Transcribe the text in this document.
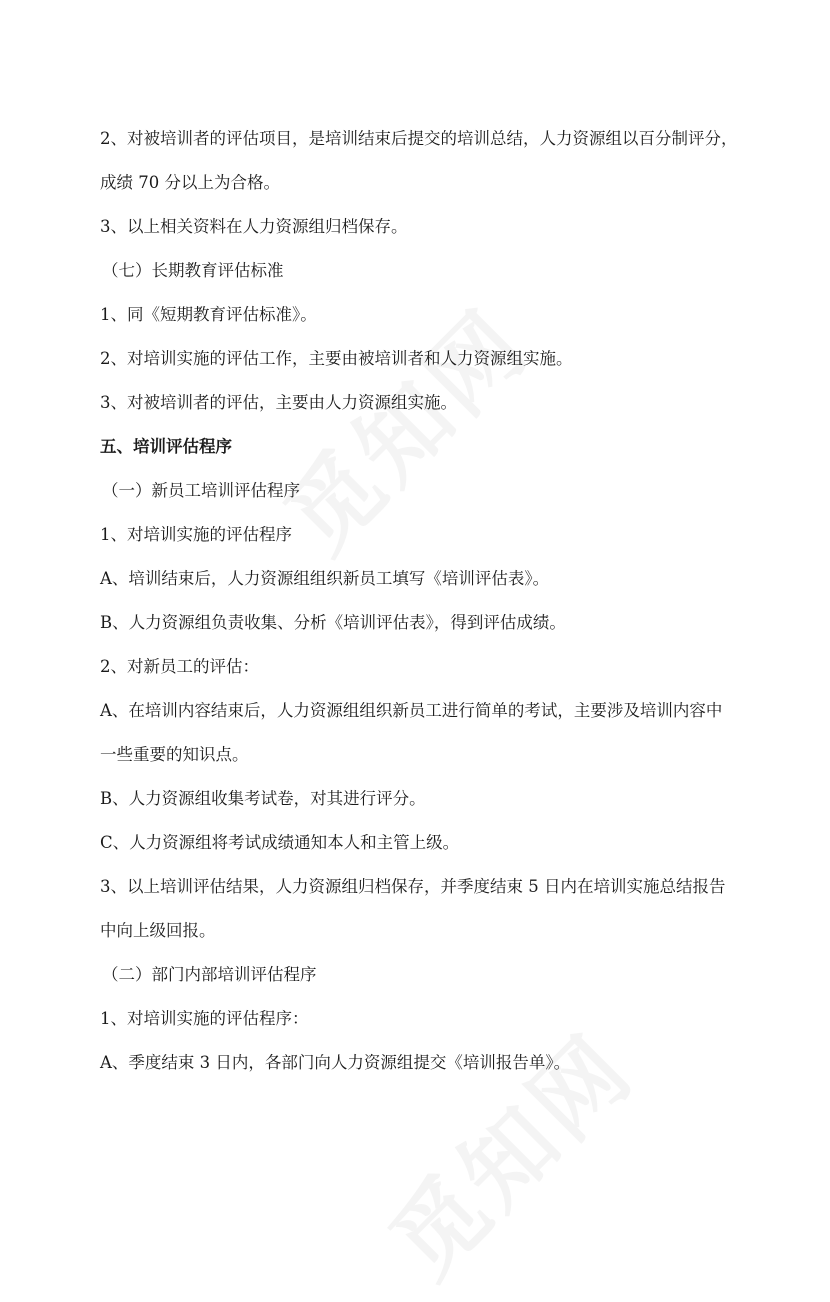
2、对被培训者的评估项目，是培训结束后提交的培训总结，人力资源组以百分制评分，
成绩 70 分以上为合格。
3、以上相关资料在人力资源组归档保存。
（七）长期教育评估标准
1、同《短期教育评估标准》。
2、对培训实施的评估工作，主要由被培训者和人力资源组实施。
3、对被培训者的评估，主要由人力资源组实施。
五、培训评估程序
（一）新员工培训评估程序
1、对培训实施的评估程序
A、培训结束后，人力资源组组织新员工填写《培训评估表》。
B、人力资源组负责收集、分析《培训评估表》，得到评估成绩。
2、对新员工的评估：
A、在培训内容结束后，人力资源组组织新员工进行简单的考试，主要涉及培训内容中
一些重要的知识点。
B、人力资源组收集考试卷，对其进行评分。
C、人力资源组将考试成绩通知本人和主管上级。
3、以上培训评估结果，人力资源组归档保存，并季度结束 5 日内在培训实施总结报告
中向上级回报。
（二）部门内部培训评估程序
1、对培训实施的评估程序：
A、季度结束 3 日内，各部门向人力资源组提交《培训报告单》。
